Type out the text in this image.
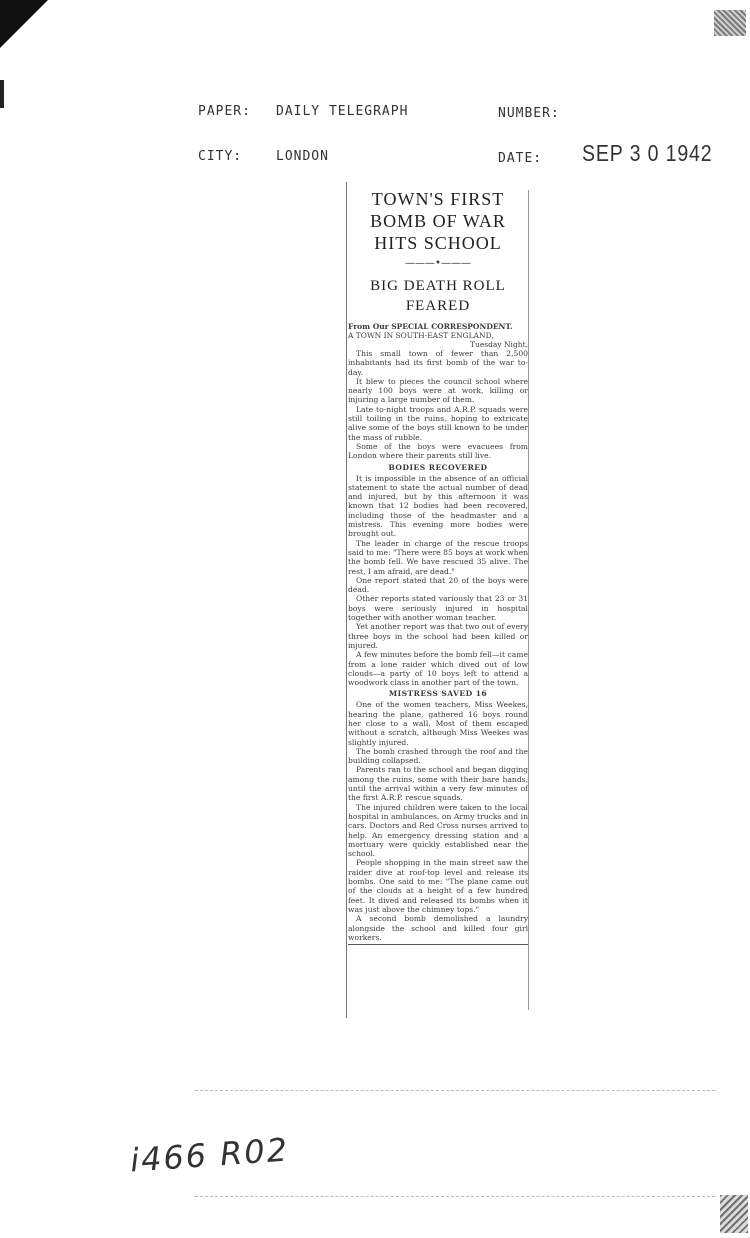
PAPER: DAILY TELEGRAPH	NUMBER:
CITY:	LONDON	DATE: SEP 3 0 1942
TOWN'S FIRST
BOMB OF WAR
HITS SCHOOL
———•———
BIG DEATH ROLL
FEARED
From Our SPECIAL CORRESPONDENT.
A TOWN IN SOUTH-EAST ENGLAND,
Tuesday Night.

This small town of fewer than 2,500 inhabitants had its first bomb of the war to-day.

It blew to pieces the council school where nearly 100 boys were at work, killing or injuring a large number of them.

Late to-night troops and A.R.P. squads were still toiling in the ruins, hoping to extricate alive some of the boys still known to be under the mass of rubble.

Some of the boys were evacuees from London where their parents still live.

BODIES RECOVERED

It is impossible in the absence of an official statement to state the actual number of dead and injured, but by this afternoon it was known that 12 bodies had been recovered, including those of the headmaster and a mistress. This evening more bodies were brought out.

The leader in charge of the rescue troops said to me: "There were 85 boys at work when the bomb fell. We have rescued 35 alive. The rest, I am afraid, are dead."

One report stated that 20 of the boys were dead.

Other reports stated variously that 23 or 31 boys were seriously injured in hospital together with another woman teacher.

Yet another report was that two out of every three boys in the school had been killed or injured.

A few minutes before the bomb fell—it came from a lone raider which dived out of low clouds—a party of 10 boys left to attend a woodwork class in another part of the town.

MISTRESS SAVED 16

One of the women teachers, Miss Weekes, hearing the plane, gathered 16 boys round her close to a wall. Most of them escaped without a scratch, although Miss Weekes was slightly injured.

The bomb crashed through the roof and the building collapsed.

Parents ran to the school and began digging among the ruins, some with their bare hands, until the arrival within a very few minutes of the first A.R.P. rescue squads.

The injured children were taken to the local hospital in ambulances, on Army trucks and in cars. Doctors and Red Cross nurses arrived to help. An emergency dressing station and a mortuary were quickly established near the school.

People shopping in the main street saw the raider dive at roof-top level and release its bombs. One said to me: "The plane came out of the clouds at a height of a few hundred feet. It dived and released its bombs when it was just above the chimney tops."

A second bomb demolished a laundry alongside the school and killed four girl workers.

i466 R02
